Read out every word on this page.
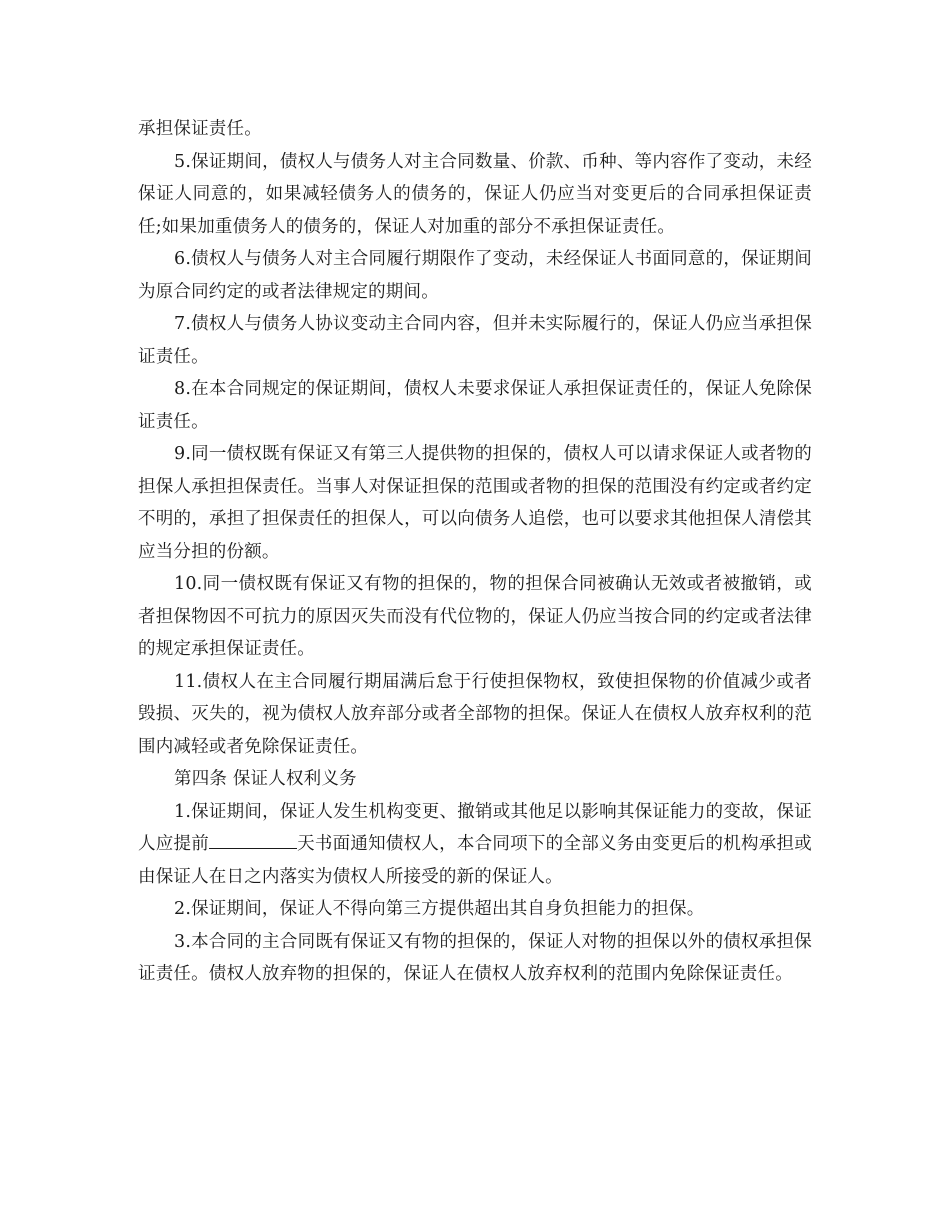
承担保证责任。

5.保证期间，债权人与债务人对主合同数量、价款、币种、等内容作了变动，未经保证人同意的，如果减轻债务人的债务的，保证人仍应当对变更后的合同承担保证责任;如果加重债务人的债务的，保证人对加重的部分不承担保证责任。

6.债权人与债务人对主合同履行期限作了变动，未经保证人书面同意的，保证期间为原合同约定的或者法律规定的期间。

7.债权人与债务人协议变动主合同内容，但并未实际履行的，保证人仍应当承担保证责任。

8.在本合同规定的保证期间，债权人未要求保证人承担保证责任的，保证人免除保证责任。

9.同一债权既有保证又有第三人提供物的担保的，债权人可以请求保证人或者物的担保人承担担保责任。当事人对保证担保的范围或者物的担保的范围没有约定或者约定不明的，承担了担保责任的担保人，可以向债务人追偿，也可以要求其他担保人清偿其应当分担的份额。

10.同一债权既有保证又有物的担保的，物的担保合同被确认无效或者被撤销，或者担保物因不可抗力的原因灭失而没有代位物的，保证人仍应当按合同的约定或者法律的规定承担保证责任。

11.债权人在主合同履行期届满后怠于行使担保物权，致使担保物的价值减少或者毁损、灭失的，视为债权人放弃部分或者全部物的担保。保证人在债权人放弃权利的范围内减轻或者免除保证责任。

第四条 保证人权利义务

1.保证期间，保证人发生机构变更、撤销或其他足以影响其保证能力的变故，保证人应提前	天书面通知债权人，本合同项下的全部义务由变更后的机构承担或由保证人在日之内落实为债权人所接受的新的保证人。

2.保证期间，保证人不得向第三方提供超出其自身负担能力的担保。

3.本合同的主合同既有保证又有物的担保的，保证人对物的担保以外的债权承担保证责任。债权人放弃物的担保的，保证人在债权人放弃权利的范围内免除保证责任。
